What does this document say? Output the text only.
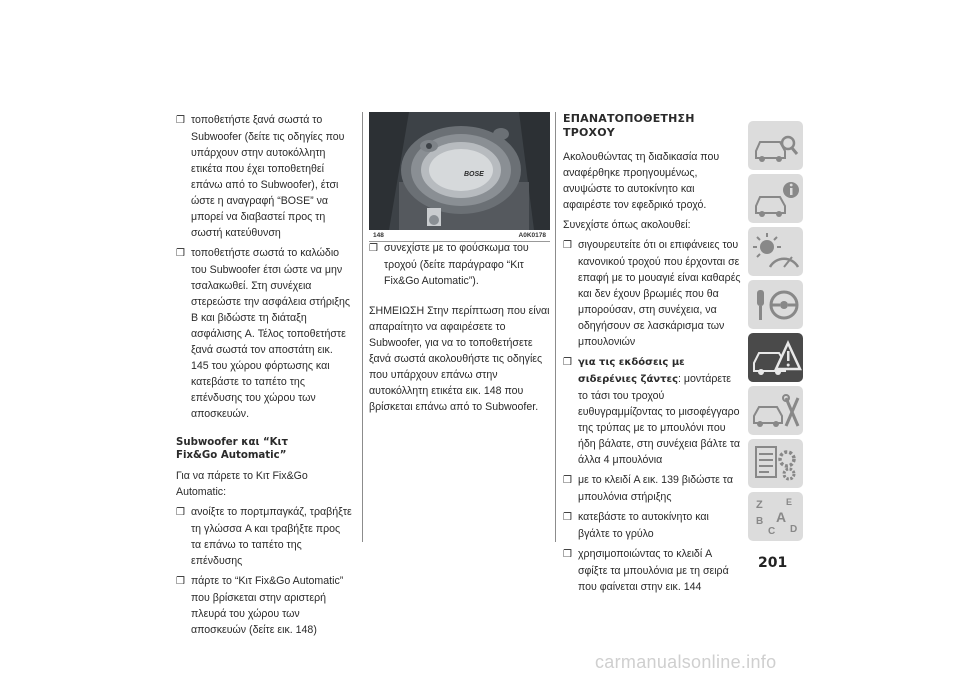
❒ τοποθετήστε ξανά σωστά το Subwoofer (δείτε τις οδηγίες που υπάρχουν στην αυτοκόλλητη ετικέτα που έχει τοποθετηθεί επάνω από το Subwoofer), έτσι ώστε η αναγραφή “BOSE” να μπορεί να διαβαστεί προς τη σωστή κατεύθυνση

❒ τοποθετήστε σωστά το καλώδιο του Subwoofer έτσι ώστε να μην τσαλακωθεί. Στη συνέχεια στερεώστε την ασφάλεια στήριξης B και βιδώστε τη διάταξη ασφάλισης A. Τέλος τοποθετήστε ξανά σωστά τον αποστάτη εικ. 145 του χώρου φόρτωσης και κατεβάστε το ταπέτο της επένδυσης του χώρου των αποσκευών.

Subwoofer και “Κιτ
Fix&Go Automatic”

Για να πάρετε το Κιτ Fix&Go Automatic:

❒ ανοίξτε το πορτμπαγκάζ, τραβήξτε τη γλώσσα A και τραβήξτε προς τα επάνω το ταπέτο της επένδυσης

❒ πάρτε το “Κιτ Fix&Go Automatic” που βρίσκεται στην αριστερή πλευρά του χώρου των αποσκευών (δείτε εικ. 148)

BOSE
148	A0K0178

❒ συνεχίστε με το φούσκωμα του τροχού (δείτε παράγραφο “Κιτ Fix&Go Automatic”).

ΣΗΜΕΙΩΣΗ Στην περίπτωση που είναι απαραίτητο να αφαιρέσετε το Subwoofer, για να το τοποθετήσετε ξανά σωστά ακολουθήστε τις οδηγίες που υπάρχουν επάνω στην αυτοκόλλητη ετικέτα εικ. 148 που βρίσκεται επάνω από το Subwoofer.

ΕΠΑΝΑΤΟΠΟΘΕΤΗΣΗ ΤΡΟΧΟΥ

Ακολουθώντας τη διαδικασία που αναφέρθηκε προηγουμένως, ανυψώστε το αυτοκίνητο και αφαιρέστε τον εφεδρικό τροχό.

Συνεχίστε όπως ακολουθεί:

❒ σιγουρευτείτε ότι οι επιφάνειες του κανονικού τροχού που έρχονται σε επαφή με το μουαγιέ είναι καθαρές και δεν έχουν βρωμιές που θα μπορούσαν, στη συνέχεια, να οδηγήσουν σε λασκάρισμα των μπουλονιών

❒ για τις εκδόσεις με σιδερένιες ζάντες: μοντάρετε το τάσι του τροχού ευθυγραμμίζοντας το μισοφέγγαρο της τρύπας με το μπουλόνι που ήδη βάλατε, στη συνέχεια βάλτε τα άλλα 4 μπουλόνια

❒ με το κλειδί A εικ. 139 βιδώστε τα μπουλόνια στήριξης

❒ κατεβάστε το αυτοκίνητο και βγάλτε το γρύλο

❒ χρησιμοποιώντας το κλειδί A σφίξτε τα μπουλόνια με τη σειρά που φαίνεται στην εικ. 144

Z	E
A
B
C D
201
carmanualsonline.info
